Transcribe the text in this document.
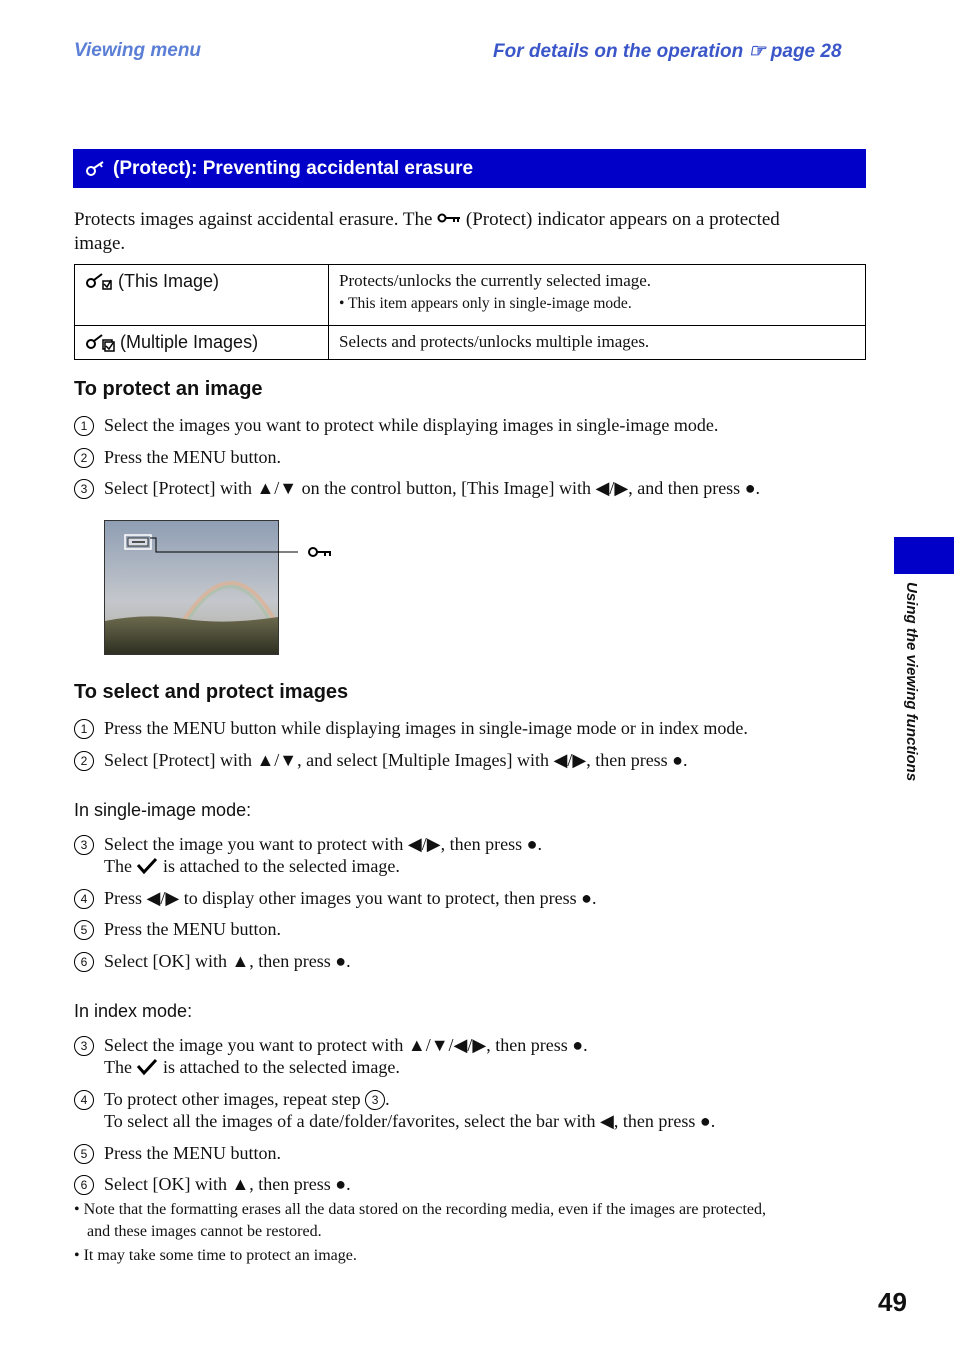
Viewing menu	For details on the operation ☞ page 28
(Protect): Preventing accidental erasure
Protects images against accidental erasure. The (Protect) indicator appears on a protected
image.
(This Image)	Protects/unlocks the currently selected image.
• This item appears only in single-image mode.

(Multiple Images)	Selects and protects/unlocks multiple images.
To protect an image
1 Select the images you want to protect while displaying images in single-image mode.
2 Press the MENU button.
3 Select [Protect] with ▲/▼ on the control button, [This Image] with ◀/▶, and then press ●.
To select and protect images
1 Press the MENU button while displaying images in single-image mode or in index mode.
2 Select [Protect] with ▲/▼, and select [Multiple Images] with ◀/▶, then press ●.
In single-image mode:
3 Select the image you want to protect with ◀/▶, then press ●.
The is attached to the selected image.
4 Press ◀/▶ to display other images you want to protect, then press ●.
5 Press the MENU button.
6 Select [OK] with ▲, then press ●.
In index mode:
3 Select the image you want to protect with ▲/▼/◀/▶, then press ●.
The is attached to the selected image.
4 To protect other images, repeat step 3 .
To select all the images of a date/folder/favorites, select the bar with ◀, then press ●.
5 Press the MENU button.
6 Select [OK] with ▲, then press ●.
• Note that the formatting erases all the data stored on the recording media, even if the images are protected,
and these images cannot be restored.
• It may take some time to protect an image.
Using the viewing functions
49
